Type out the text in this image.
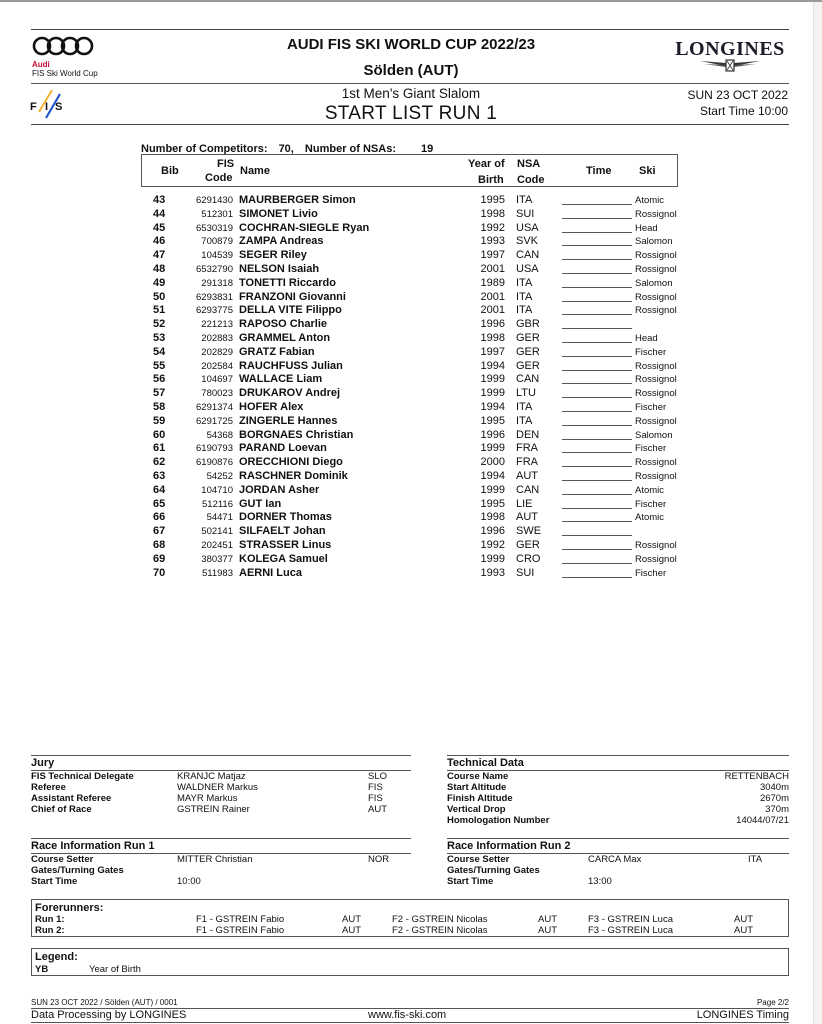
Audi
FIS Ski World Cup
AUDI FIS SKI WORLD CUP 2022/23
Sölden (AUT)
LONGINES
F I S
1st Men's Giant Slalom
START LIST RUN 1
SUN 23 OCT 2022
Start Time 10:00
Number of Competitors: 70, Number of NSAs: 19
Bib
FIS
Code
Name
Year of
Birth
NSA
Code
Time	Ski
43	6291430 MAURBERGER Simon	1995 ITA	Atomic
44	512301 SIMONET Livio	1998 SUI	Rossignol
45	6530319 COCHRAN-SIEGLE Ryan	1992 USA	Head
46	700879 ZAMPA Andreas	1993 SVK	Salomon
47	104539 SEGER Riley	1997 CAN	Rossignol
48	6532790 NELSON Isaiah	2001 USA	Rossignol
49	291318 TONETTI Riccardo	1989 ITA	Salomon
50	6293831 FRANZONI Giovanni	2001 ITA	Rossignol
51	6293775 DELLA VITE Filippo	2001 ITA	Rossignol
52	221213 RAPOSO Charlie	1996 GBR
53	202883 GRAMMEL Anton	1998 GER	Head
54	202829 GRATZ Fabian	1997 GER	Fischer
55	202584 RAUCHFUSS Julian	1994 GER	Rossignol
56	104697 WALLACE Liam	1999 CAN	Rossignol
57	780023 DRUKAROV Andrej	1999 LTU	Rossignol
58	6291374 HOFER Alex	1994 ITA	Fischer
59	6291725 ZINGERLE Hannes	1995 ITA	Rossignol
60	54368 BORGNAES Christian	1996 DEN	Salomon
61	6190793 PARAND Loevan	1999 FRA	Fischer
62	6190876 ORECCHIONI Diego	2000 FRA	Rossignol
63	54252 RASCHNER Dominik	1994 AUT	Rossignol
64	104710 JORDAN Asher	1999 CAN	Atomic
65	512116 GUT Ian	1995 LIE	Fischer
66	54471 DORNER Thomas	1998 AUT	Atomic
67	502141 SILFAELT Johan	1996 SWE
68	202451 STRASSER Linus	1992 GER	Rossignol
69	380377 KOLEGA Samuel	1999 CRO	Rossignol
70	511983 AERNI Luca	1993 SUI	Fischer
Jury
FIS Technical Delegate	KRANJC Matjaz	SLO
Referee	WALDNER Markus	FIS
Assistant Referee	MAYR Markus	FIS
Chief of Race	GSTREIN Rainer	AUT
Technical Data
Course Name	RETTENBACH
Start Altitude	3040m
Finish Altitude	2670m
Vertical Drop	370m
Homologation Number	14044/07/21
Race Information Run 1
Course Setter	MITTER Christian	NOR
Gates/Turning Gates
Start Time	10:00
Race Information Run 2
Course Setter	CARCA Max	ITA
Gates/Turning Gates
Start Time	13:00
Forerunners:
Run 1:	F1 - GSTREIN Fabio	AUT	F2 - GSTREIN Nicolas	AUT	F3 - GSTREIN Luca	AUT
Run 2:	F1 - GSTREIN Fabio	AUT	F2 - GSTREIN Nicolas	AUT	F3 - GSTREIN Luca	AUT
Legend:
YB	Year of Birth
SUN 23 OCT 2022 / Sölden (AUT) / 0001	Page 2/2
Data Processing by LONGINES	www.fis-ski.com	LONGINES Timing
